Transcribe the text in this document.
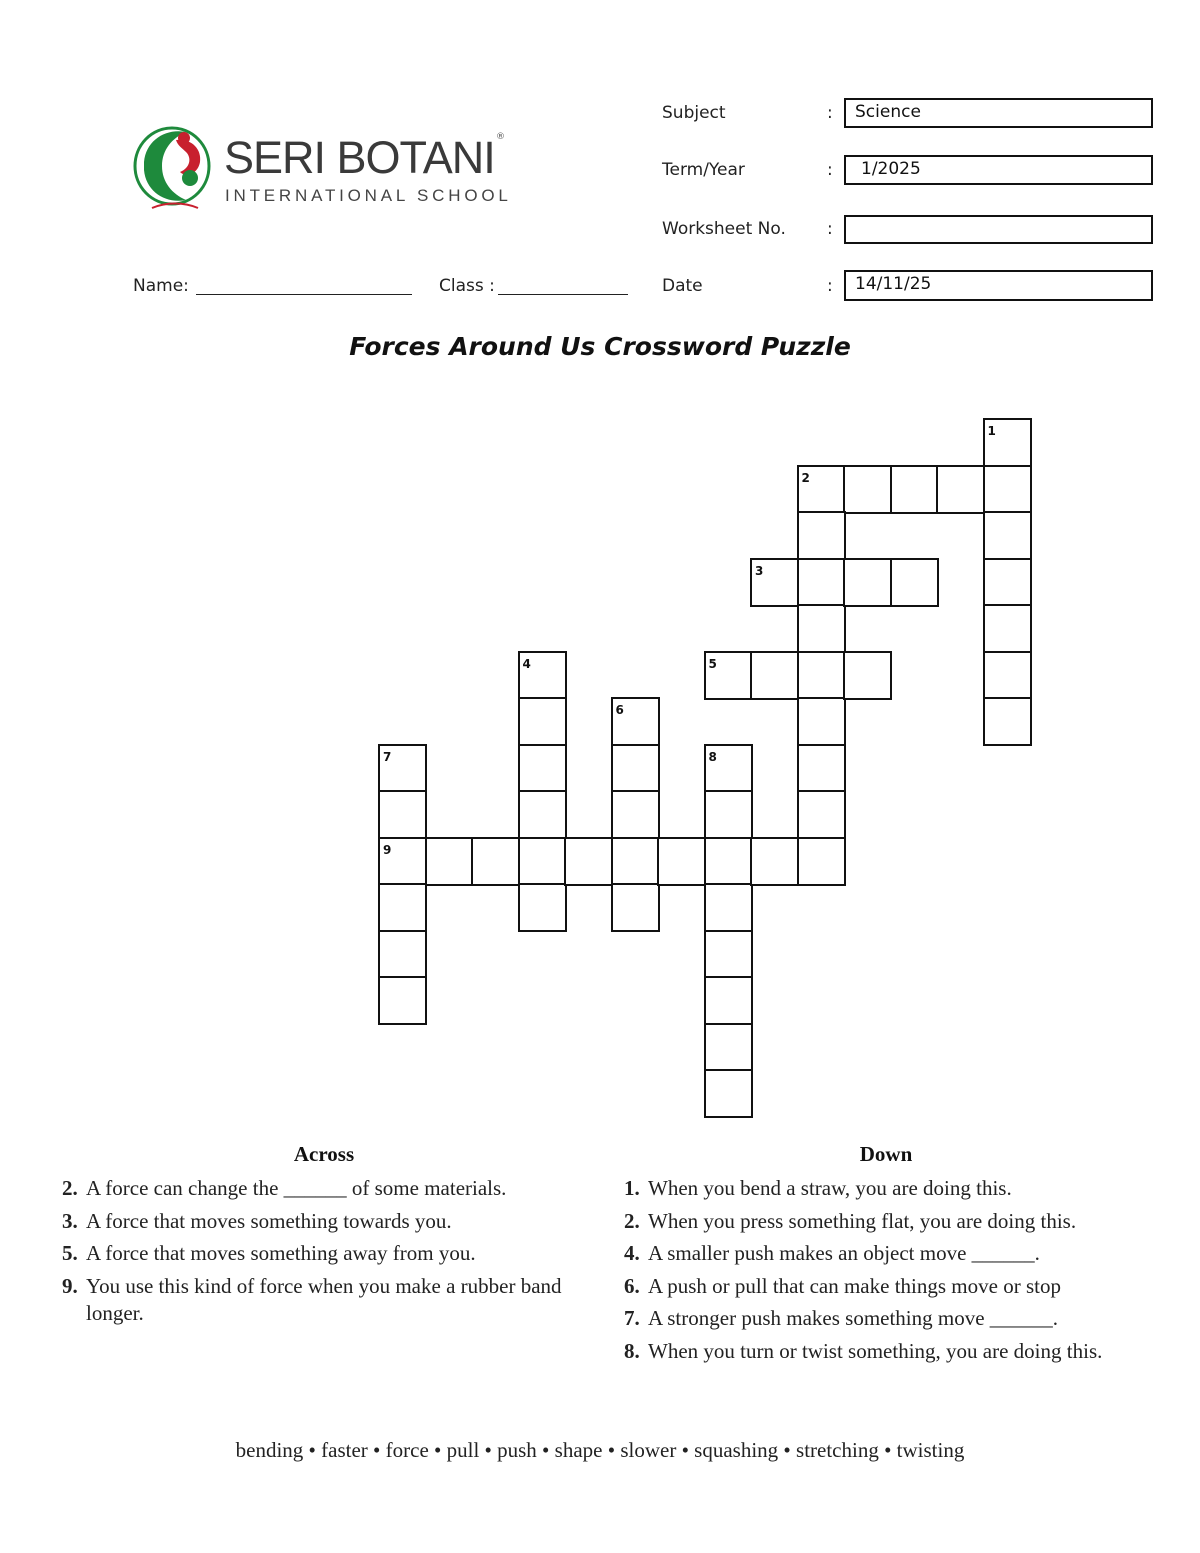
SERI BOTANI ®
INTERNATIONAL SCHOOL
Subject	:	Science
Term/Year	:	1/2025
Worksheet No. :
Date	:	14/11/25
Name:	Class :
Forces Around Us Crossword Puzzle
1
2
3
4	5
6
7
9
8
Across
2. A force can change the ______ of some materials.
3. A force that moves something towards you.
5. A force that moves something away from you.
9. You use this kind of force when you make a rubber band longer.
Down
1. When you bend a straw, you are doing this.
2. When you press something flat, you are doing this.
4. A smaller push makes an object move ______.
6. A push or pull that can make things move or stop
7. A stronger push makes something move ______.
8. When you turn or twist something, you are doing this.
bending • faster • force • pull • push • shape • slower • squashing • stretching • twisting
